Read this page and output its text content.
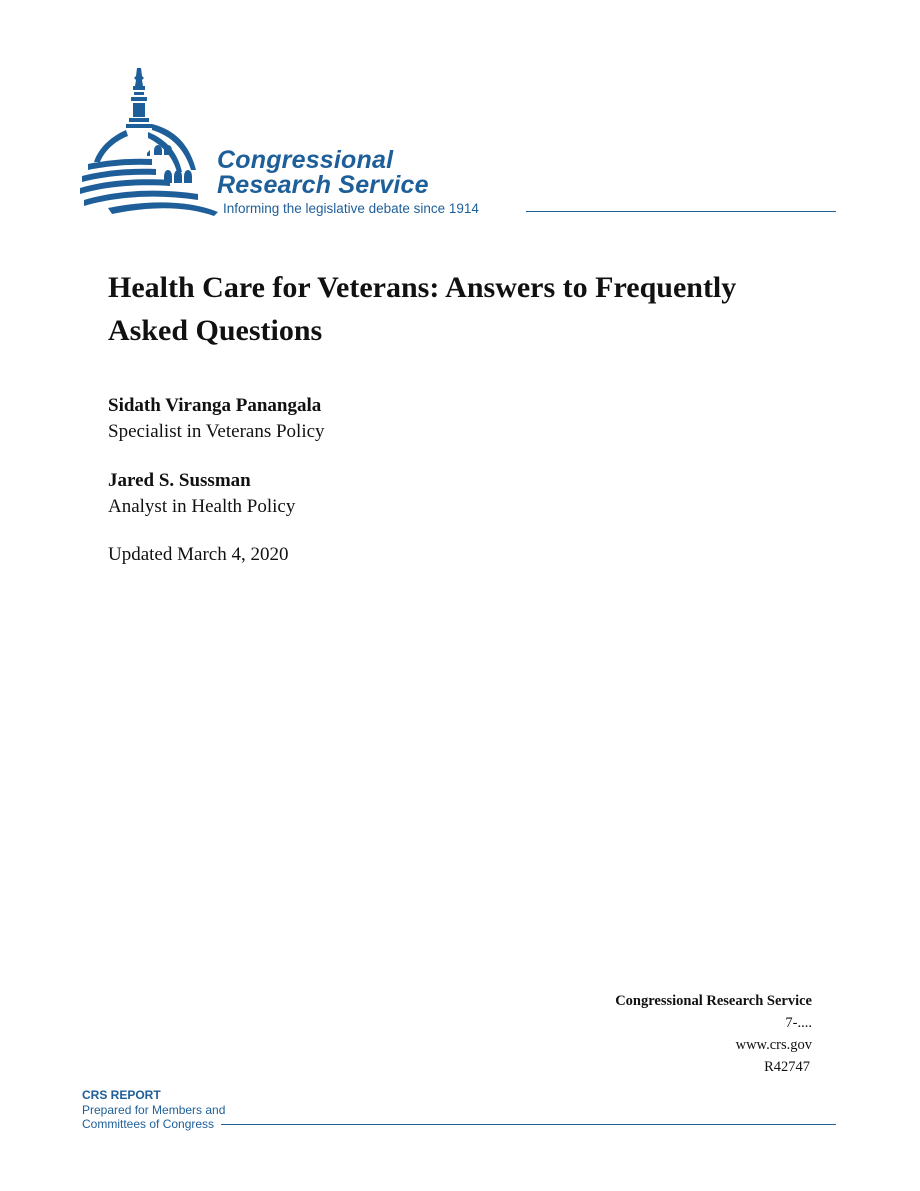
Congressional
Research Service
Informing the legislative debate since 1914
Health Care for Veterans: Answers to Frequently Asked Questions
Sidath Viranga Panangala
Specialist in Veterans Policy
Jared S. Sussman
Analyst in Health Policy
Updated March 4, 2020
Congressional Research Service
7-....
www.crs.gov
R42747
CRS REPORT
Prepared for Members and
Committees of Congress
